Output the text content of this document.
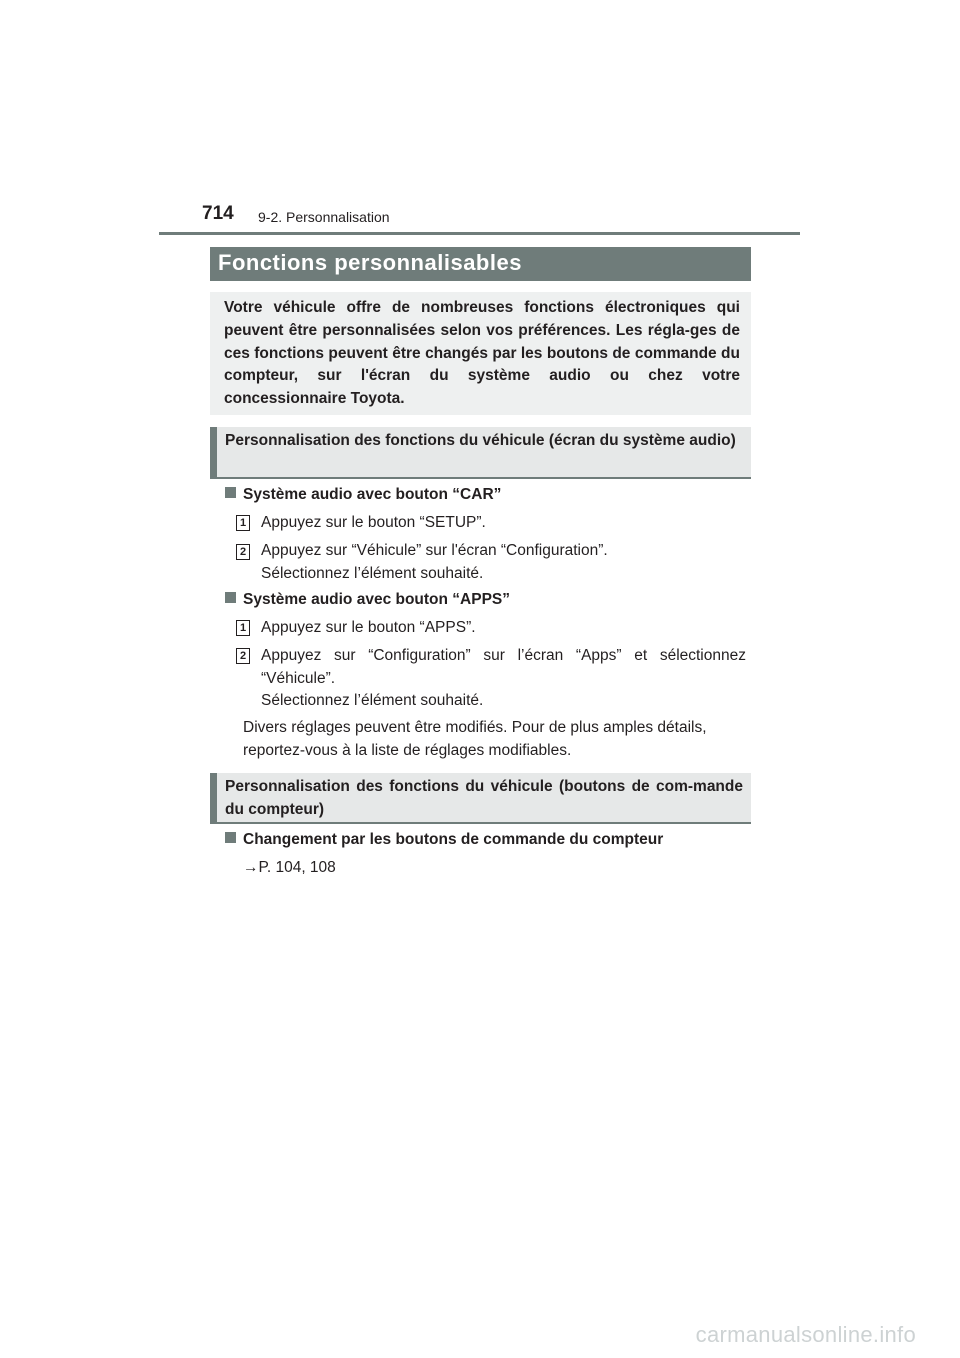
714 9-2. Personnalisation
Fonctions personnalisables

Votre véhicule offre de nombreuses fonctions électroniques qui peuvent être personnalisées selon vos préférences. Les régla-ges de ces fonctions peuvent être changés par les boutons de commande du compteur, sur l'écran du système audio ou chez votre concessionnaire Toyota.

Personnalisation des fonctions du véhicule (écran du système audio)
Système audio avec bouton “CAR”
1 Appuyez sur le bouton “SETUP”.
2 Appuyez sur “Véhicule” sur l'écran “Configuration”.
Sélectionnez l’élément souhaité.
Système audio avec bouton “APPS”
1 Appuyez sur le bouton “APPS”.
2 Appuyez sur “Configuration” sur l’écran “Apps” et sélectionnez “Véhicule”.
Sélectionnez l’élément souhaité.
Divers réglages peuvent être modifiés. Pour de plus amples détails, reportez-vous à la liste de réglages modifiables.
Personnalisation des fonctions du véhicule (boutons de com-mande du compteur)
Changement par les boutons de commande du compteur
→P. 104, 108
carmanualsonline.info
